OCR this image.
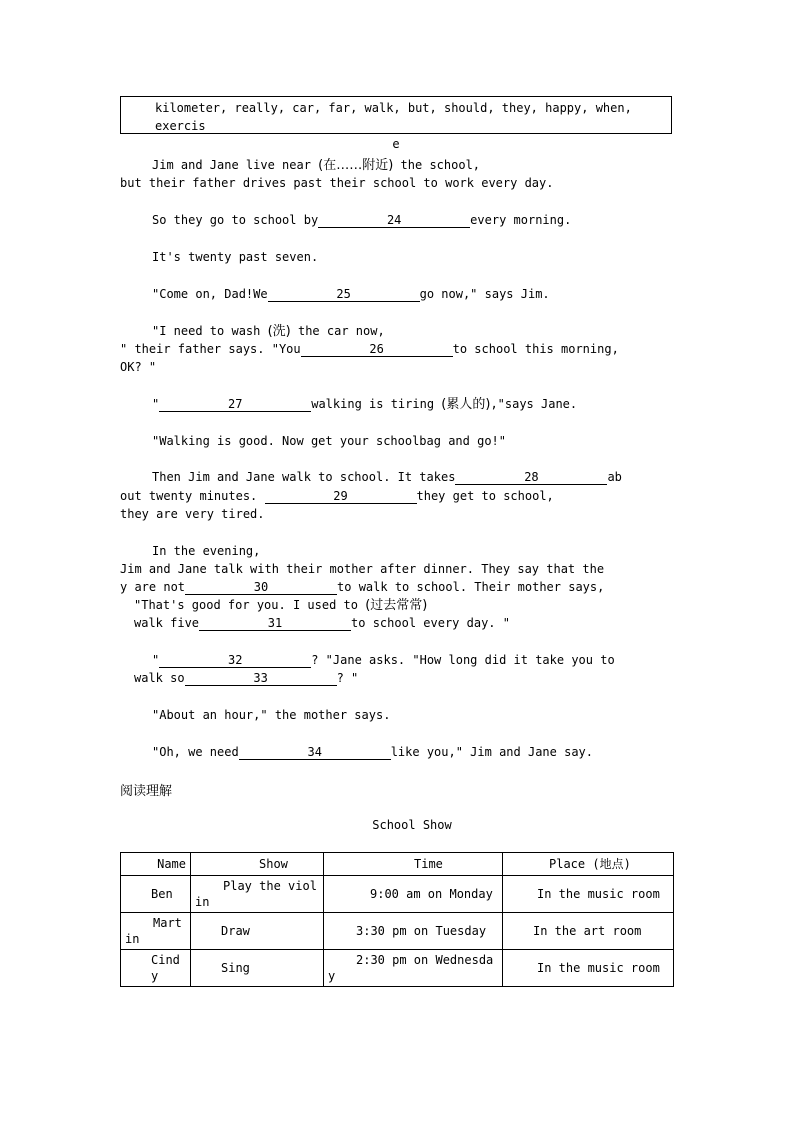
kilometer, really, car, far, walk, but, should, they, happy, when, exercis
e
Jim and Jane live near (在……附近) the school,
but their father drives past their school to work every day.
So they go to school by	24	every morning.
It's twenty past seven.
"Come on, Dad!We	25	go now," says Jim.
"I need to wash (洗) the car now,
" their father says. "You	26	to school this morning,
OK? "
"	27	walking is tiring (累人的),"says Jane.
"Walking is good. Now get your schoolbag and go!"
Then Jim and Jane walk to school. It takes	28	ab
out twenty minutes.	29	they get to school,
they are very tired.
In the evening,
Jim and Jane talk with their mother after dinner. They say that the
y are not	30	to walk to school. Their mother says,
"That's good for you. I used to (过去常常)
walk five	31	to school every day. "
"	32	? "Jane asks. "How long did it take you to
walk so	33	? "
"About an hour," the mother says.
"Oh, we need	34	like you," Jim and Jane say.
阅读理解
School Show
Name	Show	Time	Place (地点)
Ben	Play the violin	9:00 am on Monday	In the music room
Martin	Draw	3:30 pm on Tuesday	In the art room
Cindy	Sing	2:30 pm on Wednesday	In the music room
